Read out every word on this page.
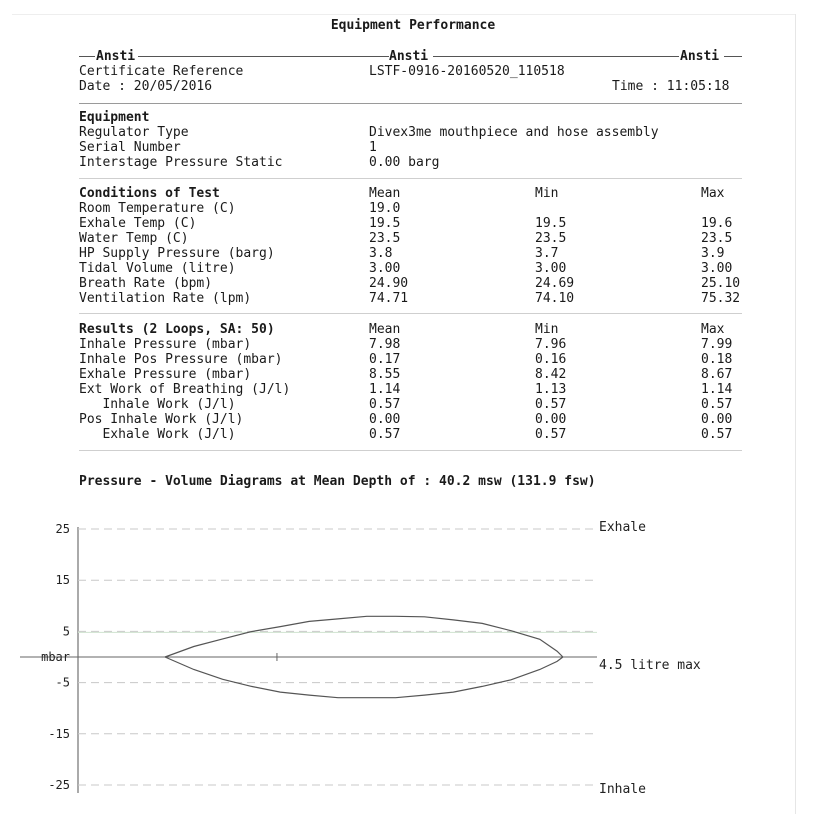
Equipment Performance
Ansti	Ansti	Ansti
Certificate Reference	LSTF-0916-20160520_110518
Date : 20/05/2016	Time : 11:05:18
Equipment
Regulator Type	Divex3me mouthpiece and hose assembly
Serial Number	1
Interstage Pressure Static	0.00 barg
Conditions of Test	Mean	Min	Max
Room Temperature (C)	19.0
Exhale Temp (C)	19.5	19.5	19.6
Water Temp (C)	23.5	23.5	23.5
HP Supply Pressure (barg)	3.8	3.7	3.9
Tidal Volume (litre)	3.00	3.00	3.00
Breath Rate (bpm)	24.90	24.69	25.10
Ventilation Rate (lpm)	74.71	74.10	75.32
Results (2 Loops, SA: 50)	Mean	Min	Max
Inhale Pressure (mbar)	7.98	7.96	7.99
Inhale Pos Pressure (mbar)	0.17	0.16	0.18
Exhale Pressure (mbar)	8.55	8.42	8.67
Ext Work of Breathing (J/l)	1.14	1.13	1.14
Inhale Work (J/l)	0.57	0.57	0.57
Pos Inhale Work (J/l)	0.00	0.00	0.00
Exhale Work (J/l)	0.57	0.57	0.57
Pressure - Volume Diagrams at Mean Depth of : 40.2 msw (131.9 fsw)
25
15
5
-5
-15
-25
mbar
Exhale
4.5 litre max
Inhale
